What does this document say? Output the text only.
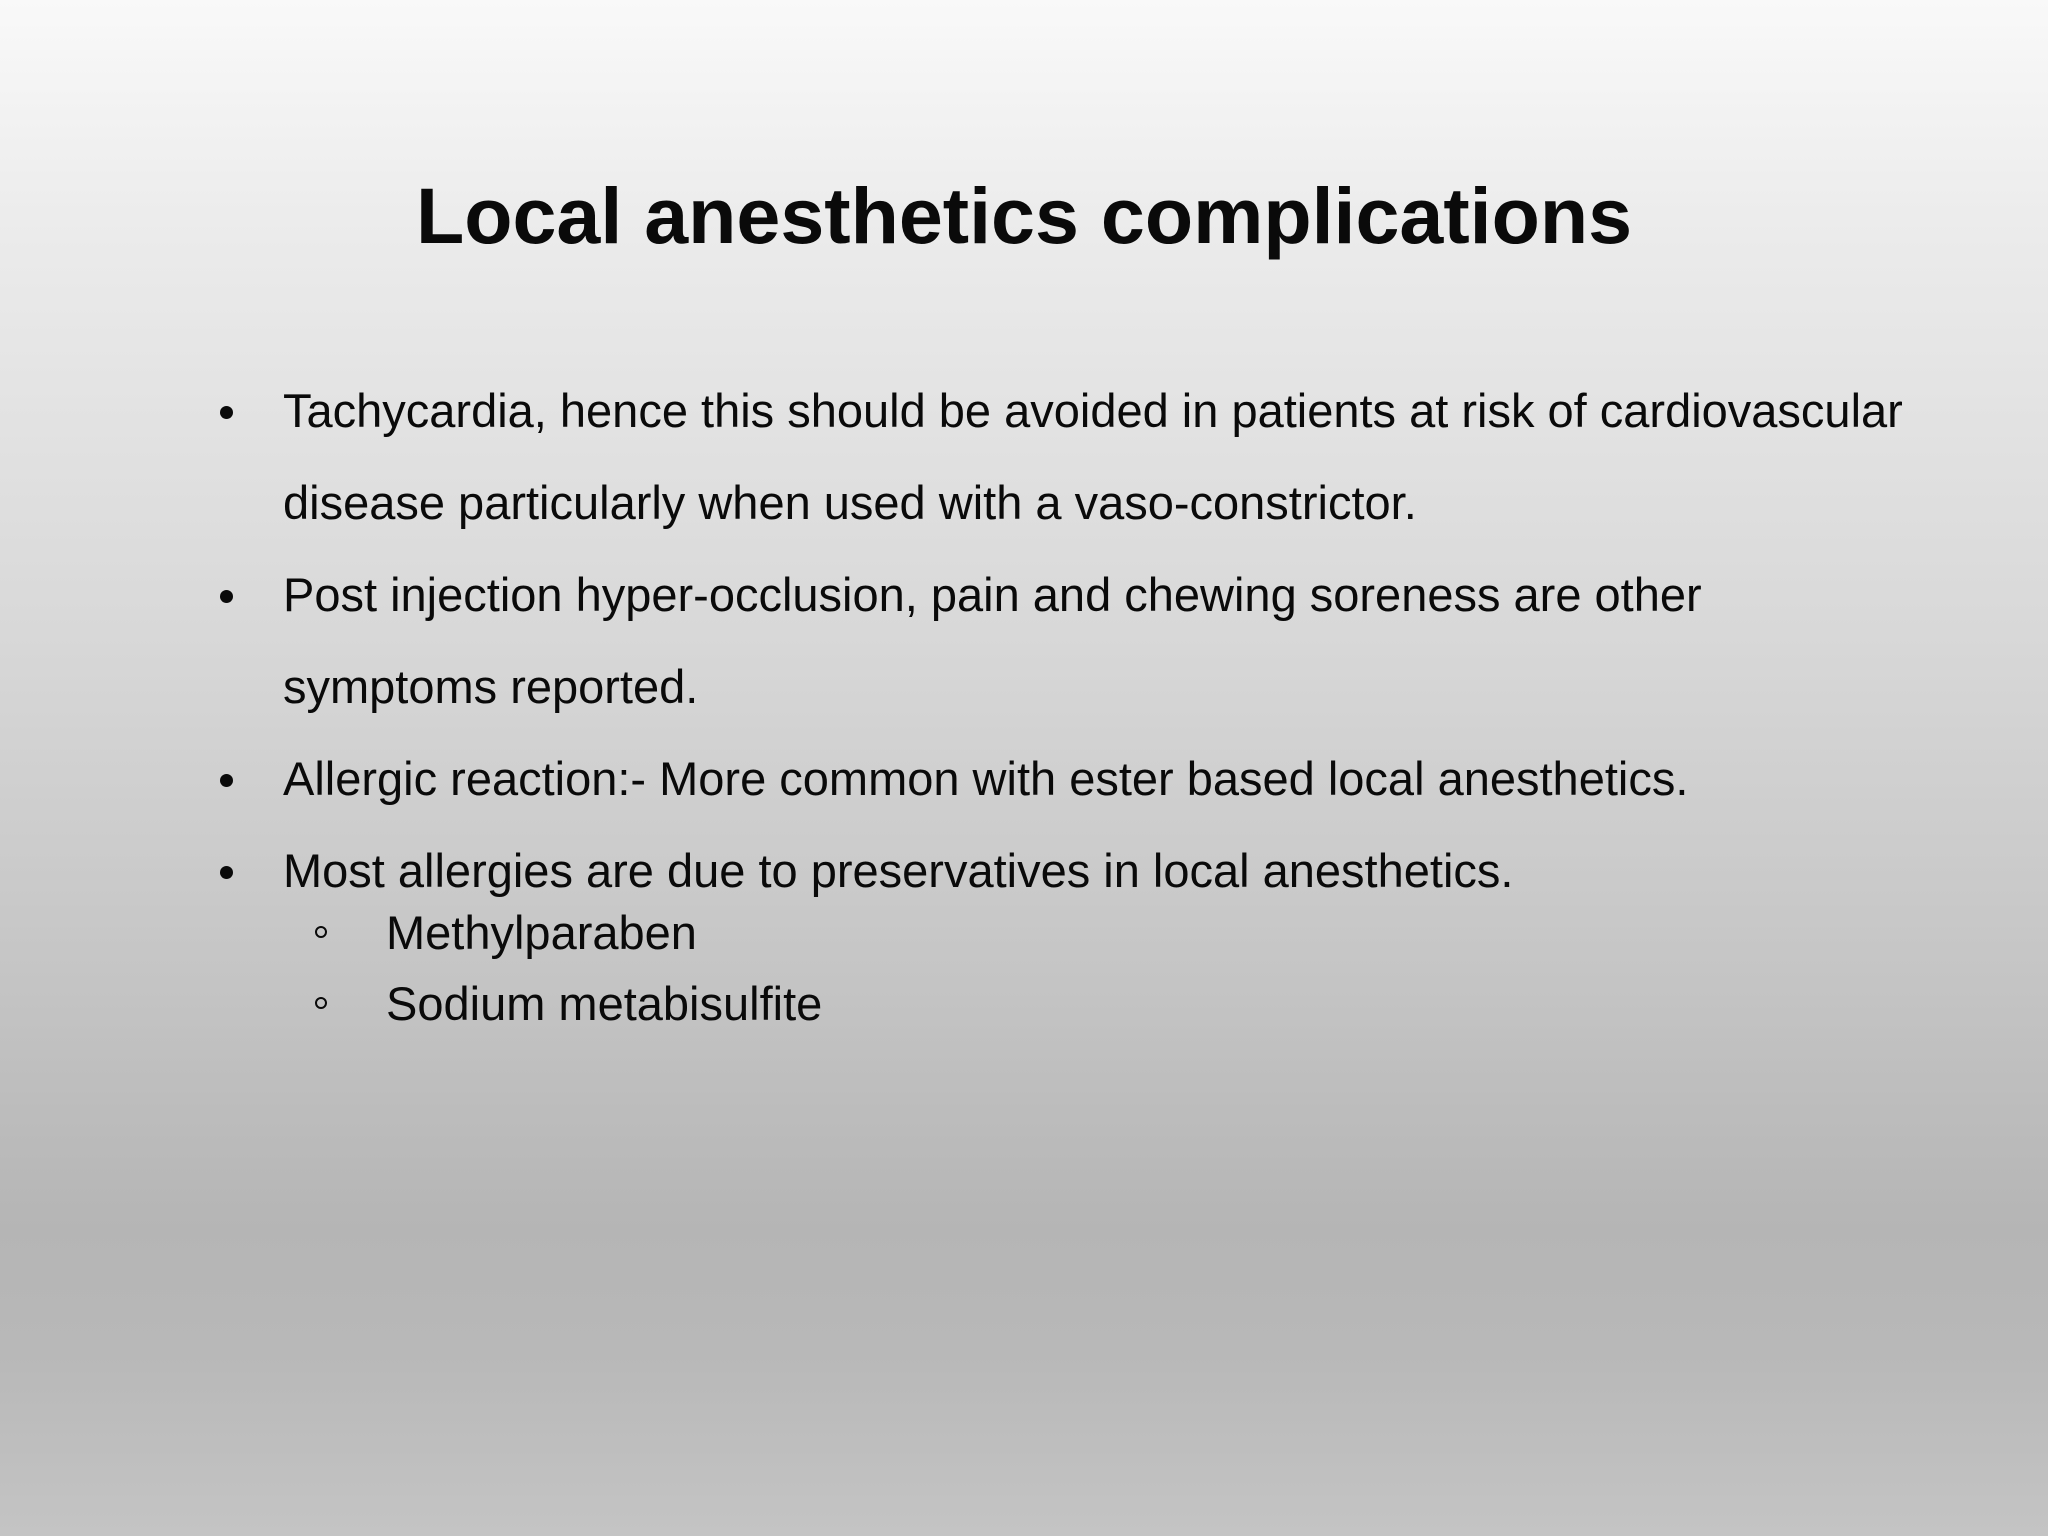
Local anesthetics complications
Tachycardia, hence this should be avoided in patients at risk of cardiovascular disease particularly when used with a vaso-constrictor.
Post injection hyper-occlusion, pain and chewing soreness are other symptoms reported.
Allergic reaction:- More common with ester based local anesthetics.
Most allergies are due to preservatives in local anesthetics.
Methylparaben
Sodium metabisulfite
